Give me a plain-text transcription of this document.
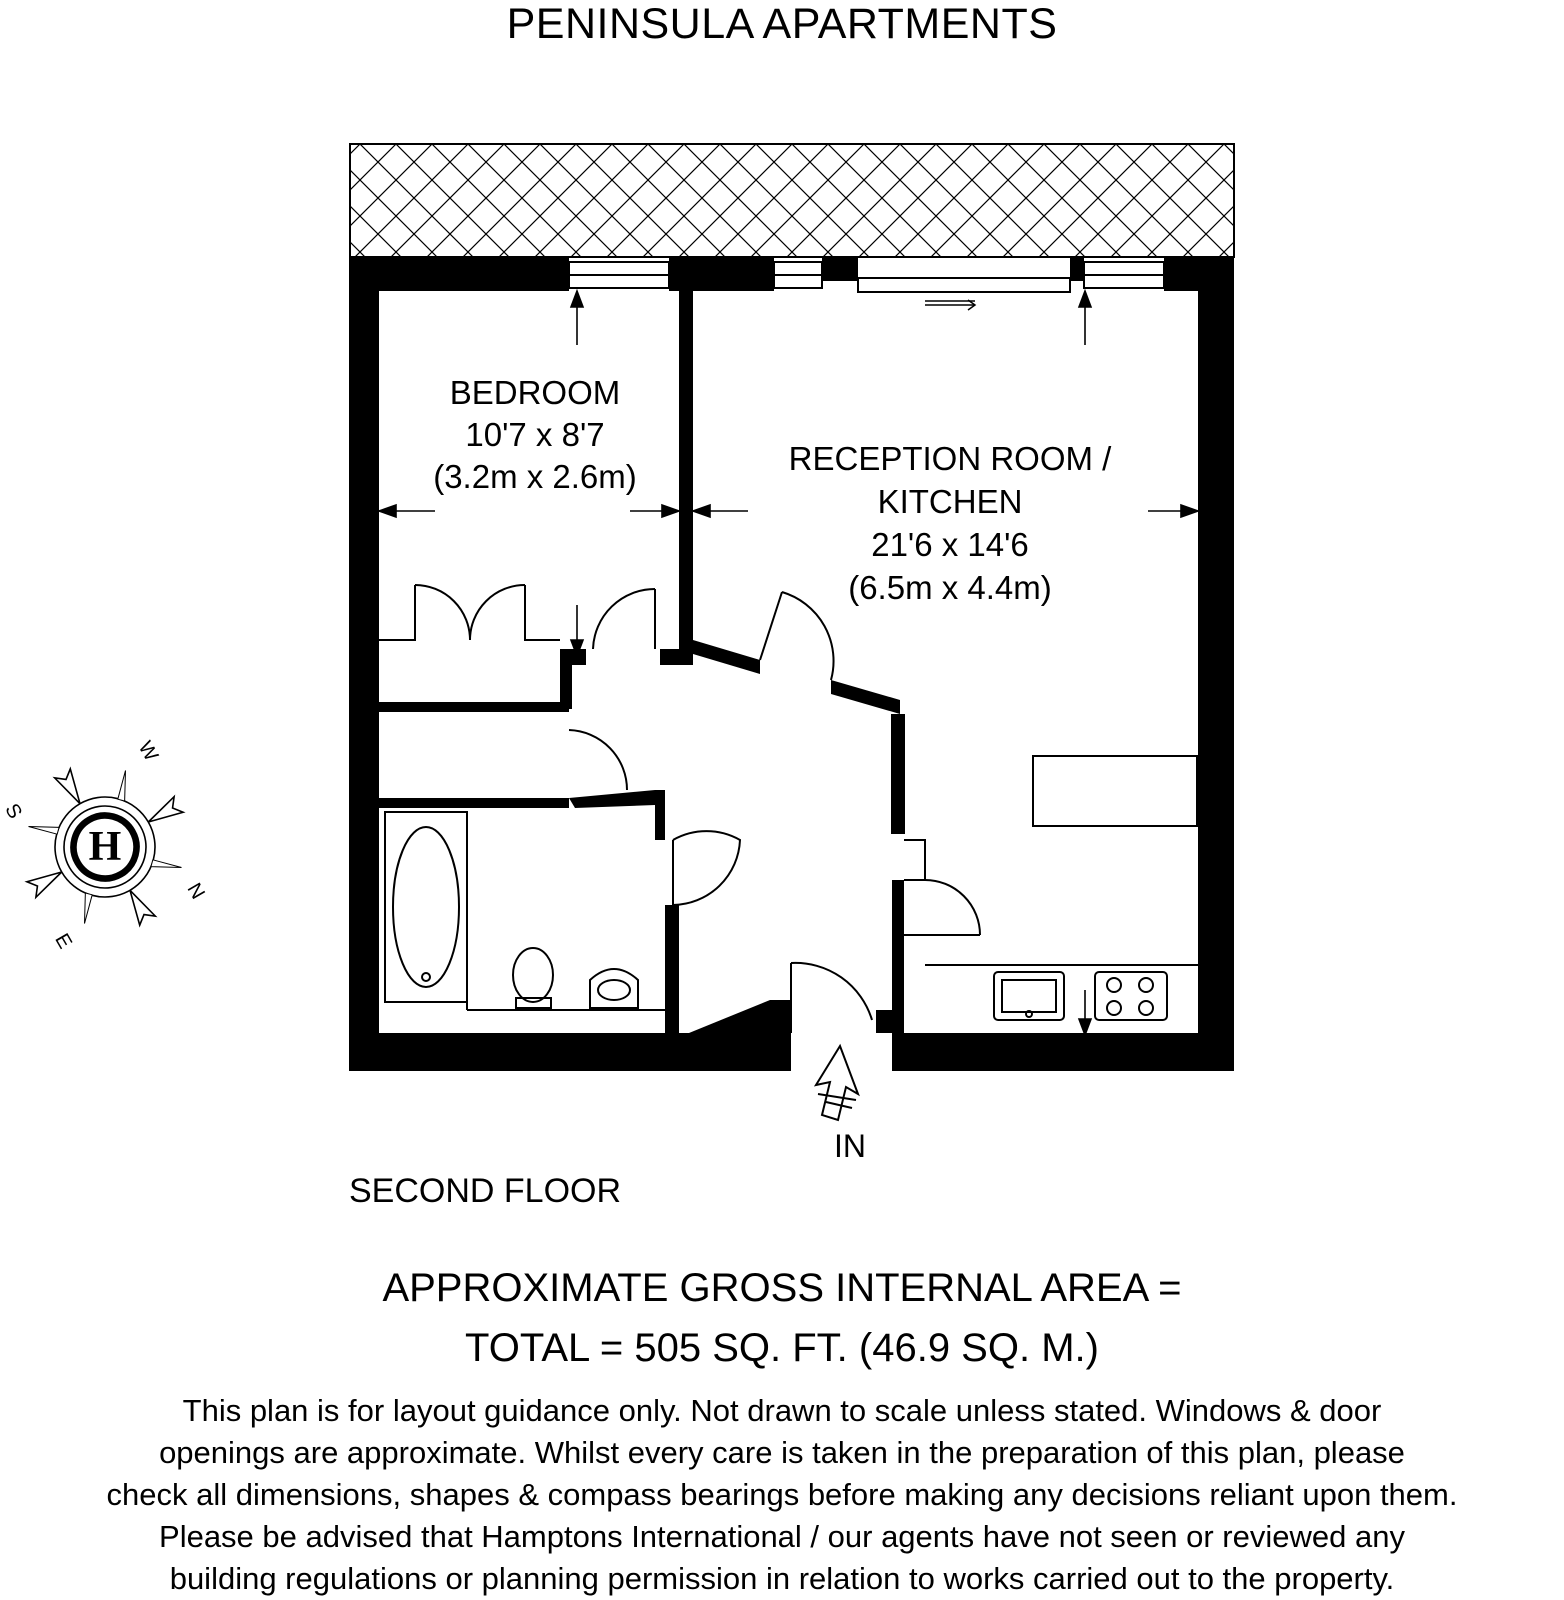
PENINSULA APARTMENTS
H
W
S
N
E
BEDROOM
10'7 x 8'7
(3.2m x 2.6m)	RECEPTION ROOM /
KITCHEN
21'6 x 14'6
(6.5m x 4.4m)
IN
SECOND FLOOR
APPROXIMATE GROSS INTERNAL AREA =
TOTAL = 505 SQ. FT. (46.9 SQ. M.)
This plan is for layout guidance only. Not drawn to scale unless stated. Windows & door
openings are approximate. Whilst every care is taken in the preparation of this plan, please
check all dimensions, shapes & compass bearings before making any decisions reliant upon them.
Please be advised that Hamptons International / our agents have not seen or reviewed any
building regulations or planning permission in relation to works carried out to the property.
